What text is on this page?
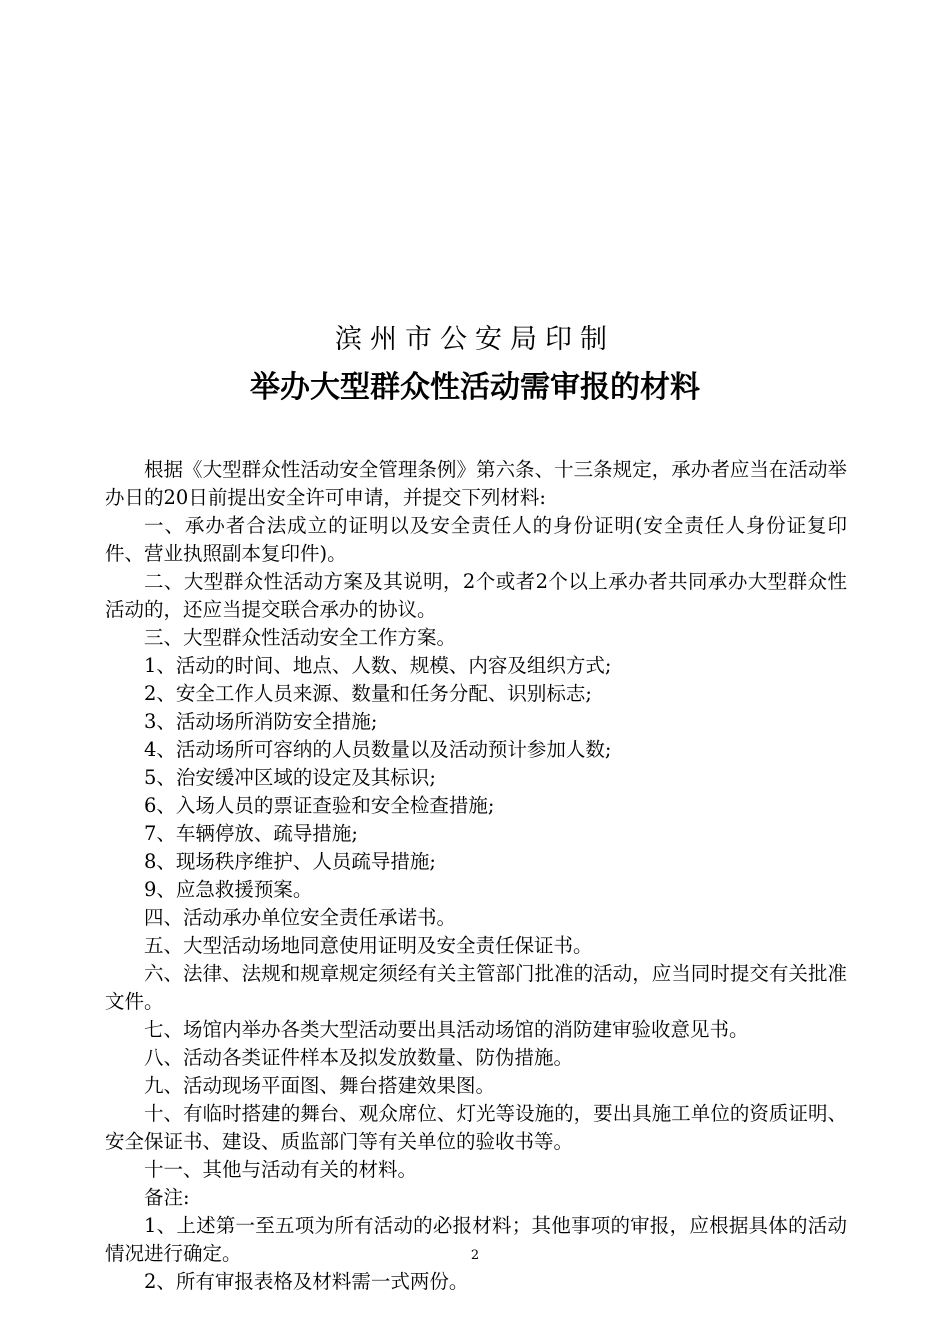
滨州市公安局印制
举办大型群众性活动需审报的材料

根据《大型群众性活动安全管理条例》第六条、十三条规定，承办者应当在活动举办日的20日前提出安全许可申请，并提交下列材料:

一、承办者合法成立的证明以及安全责任人的身份证明(安全责任人身份证复印件、营业执照副本复印件)。

二、大型群众性活动方案及其说明，2个或者2个以上承办者共同承办大型群众性活动的，还应当提交联合承办的协议。

三、大型群众性活动安全工作方案。

1、活动的时间、地点、人数、规模、内容及组织方式;

2、安全工作人员来源、数量和任务分配、识别标志;

3、活动场所消防安全措施;

4、活动场所可容纳的人员数量以及活动预计参加人数;

5、治安缓冲区域的设定及其标识;

6、入场人员的票证查验和安全检查措施;

7、车辆停放、疏导措施;

8、现场秩序维护、人员疏导措施;

9、应急救援预案。

四、活动承办单位安全责任承诺书。

五、大型活动场地同意使用证明及安全责任保证书。

六、法律、法规和规章规定须经有关主管部门批准的活动，应当同时提交有关批准文件。

七、场馆内举办各类大型活动要出具活动场馆的消防建审验收意见书。

八、活动各类证件样本及拟发放数量、防伪措施。

九、活动现场平面图、舞台搭建效果图。

十、有临时搭建的舞台、观众席位、灯光等设施的，要出具施工单位的资质证明、安全保证书、建设、质监部门等有关单位的验收书等。

十一、其他与活动有关的材料。

备注:

1、上述第一至五项为所有活动的必报材料；其他事项的审报，应根据具体的活动情况进行确定。

2、所有审报表格及材料需一式两份。

2
